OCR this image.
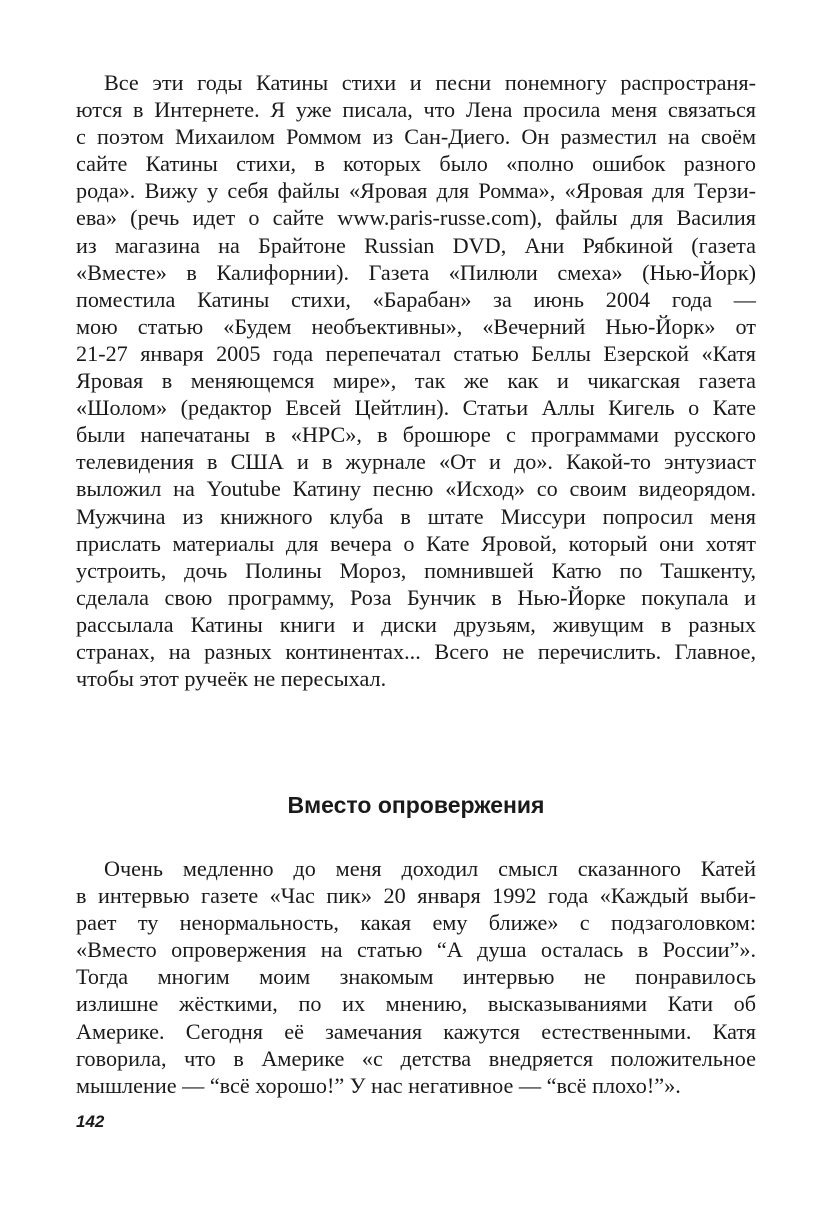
Все эти годы Катины стихи и песни понемногу распространя-
ются в Интернете. Я уже писала, что Лена просила меня связаться
с поэтом Михаилом Роммом из Сан-Диего. Он разместил на своём
сайте Катины стихи, в которых было «полно ошибок разного
рода». Вижу у себя файлы «Яровая для Ромма», «Яровая для Терзи-
ева» (речь идет о сайте www.paris-russe.com), файлы для Василия
из магазина на Брайтоне Russian DVD, Ани Рябкиной (газета
«Вместе» в Калифорнии). Газета «Пилюли смеха» (Нью-Йорк)
поместила Катины стихи, «Барабан» за июнь 2004 года —
мою статью «Будем необъективны», «Вечерний Нью-Йорк» от
21-27 января 2005 года перепечатал статью Беллы Езерской «Катя
Яровая в меняющемся мире», так же как и чикагская газета
«Шолом» (редактор Евсей Цейтлин). Статьи Аллы Кигель о Кате
были напечатаны в «НРС», в брошюре с программами русского
телевидения в США и в журнале «От и до». Какой-то энтузиаст
выложил на Youtube Катину песню «Исход» со своим видеорядом.
Мужчина из книжного клуба в штате Миссури попросил меня
прислать материалы для вечера о Кате Яровой, который они хотят
устроить, дочь Полины Мороз, помнившей Катю по Ташкенту,
сделала свою программу, Роза Бунчик в Нью-Йорке покупала и
рассылала Катины книги и диски друзьям, живущим в разных
странах, на разных континентах... Всего не перечислить. Главное,
чтобы этот ручеёк не пересыхал.

Вместо опровержения

Очень медленно до меня доходил смысл сказанного Катей
в интервью газете «Час пик» 20 января 1992 года «Каждый выби-
рает ту ненормальность, какая ему ближе» с подзаголовком:
«Вместо опровержения на статью “А душа осталась в России”».
Тогда многим моим знакомым интервью не понравилось
излишне жёсткими, по их мнению, высказываниями Кати об
Америке. Сегодня её замечания кажутся естественными. Катя
говорила, что в Америке «с детства внедряется положительное
мышление — “всё хорошо!” У нас негативное — “всё плохо!”».

142
